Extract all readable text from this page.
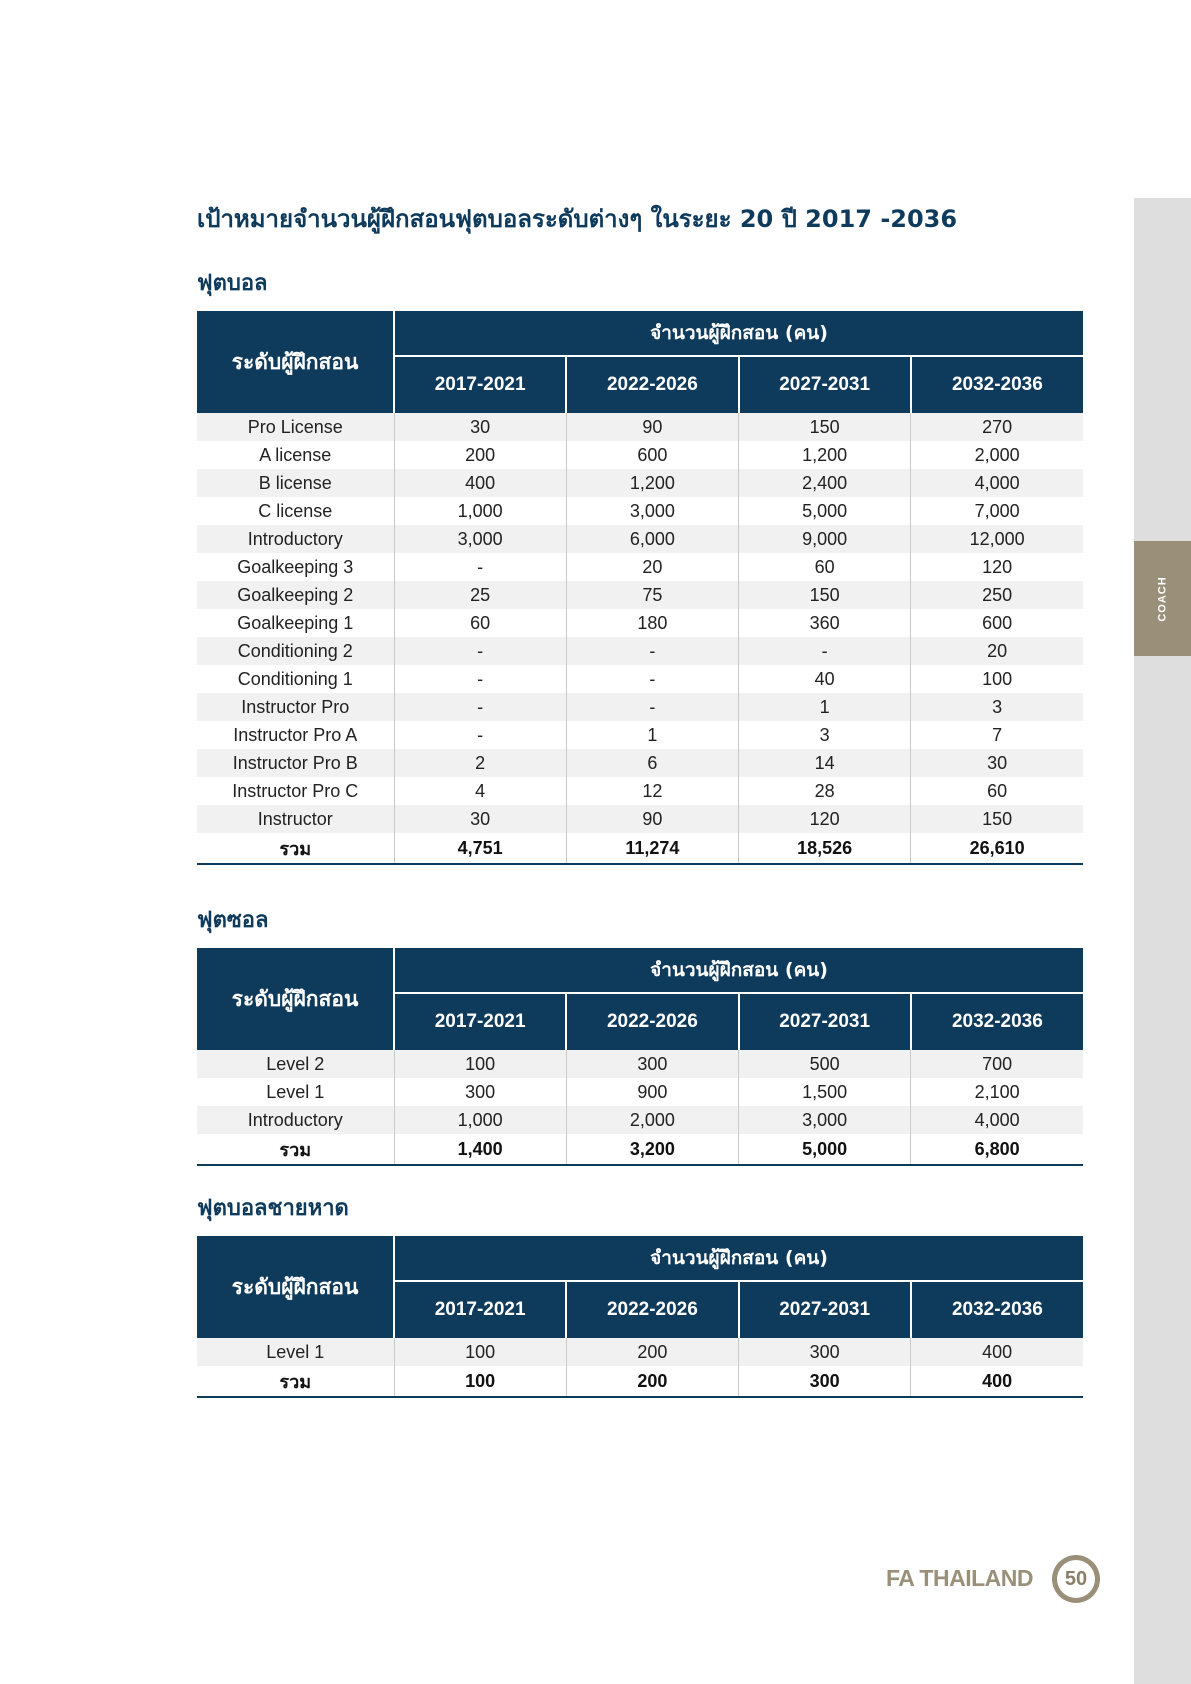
COACH
เป้าหมายจำนวนผู้ฝึกสอนฟุตบอลระดับต่างๆ ในระยะ 20 ปี 2017 -2036
ฟุตบอล
ระดับผู้ฝึกสอน	จำนวนผู้ฝึกสอน (คน)			
	2017-2021	2022-2026	2027-2031	2032-2036
Pro License	30	90	150	270
A license	200	600	1,200	2,000
B license	400	1,200	2,400	4,000
C license	1,000	3,000	5,000	7,000
Introductory	3,000	6,000	9,000	12,000
Goalkeeping 3	-	20	60	120
Goalkeeping 2	25	75	150	250
Goalkeeping 1	60	180	360	600
Conditioning 2	-	-	-	20
Conditioning 1	-	-	40	100
Instructor Pro	-	-	1	3
Instructor Pro A	-	1	3	7
Instructor Pro B	2	6	14	30
Instructor Pro C	4	12	28	60
Instructor	30	90	120	150
รวม	4,751	11,274	18,526	26,610
ฟุตซอล
ระดับผู้ฝึกสอน	จำนวนผู้ฝึกสอน (คน)			
	2017-2021	2022-2026	2027-2031	2032-2036
Level 2	100	300	500	700
Level 1	300	900	1,500	2,100
Introductory	1,000	2,000	3,000	4,000
รวม	1,400	3,200	5,000	6,800
ฟุตบอลชายหาด
ระดับผู้ฝึกสอน	จำนวนผู้ฝึกสอน (คน)			
	2017-2021	2022-2026	2027-2031	2032-2036
Level 1	100	200	300	400
รวม	100	200	300	400
FA THAILAND	50
